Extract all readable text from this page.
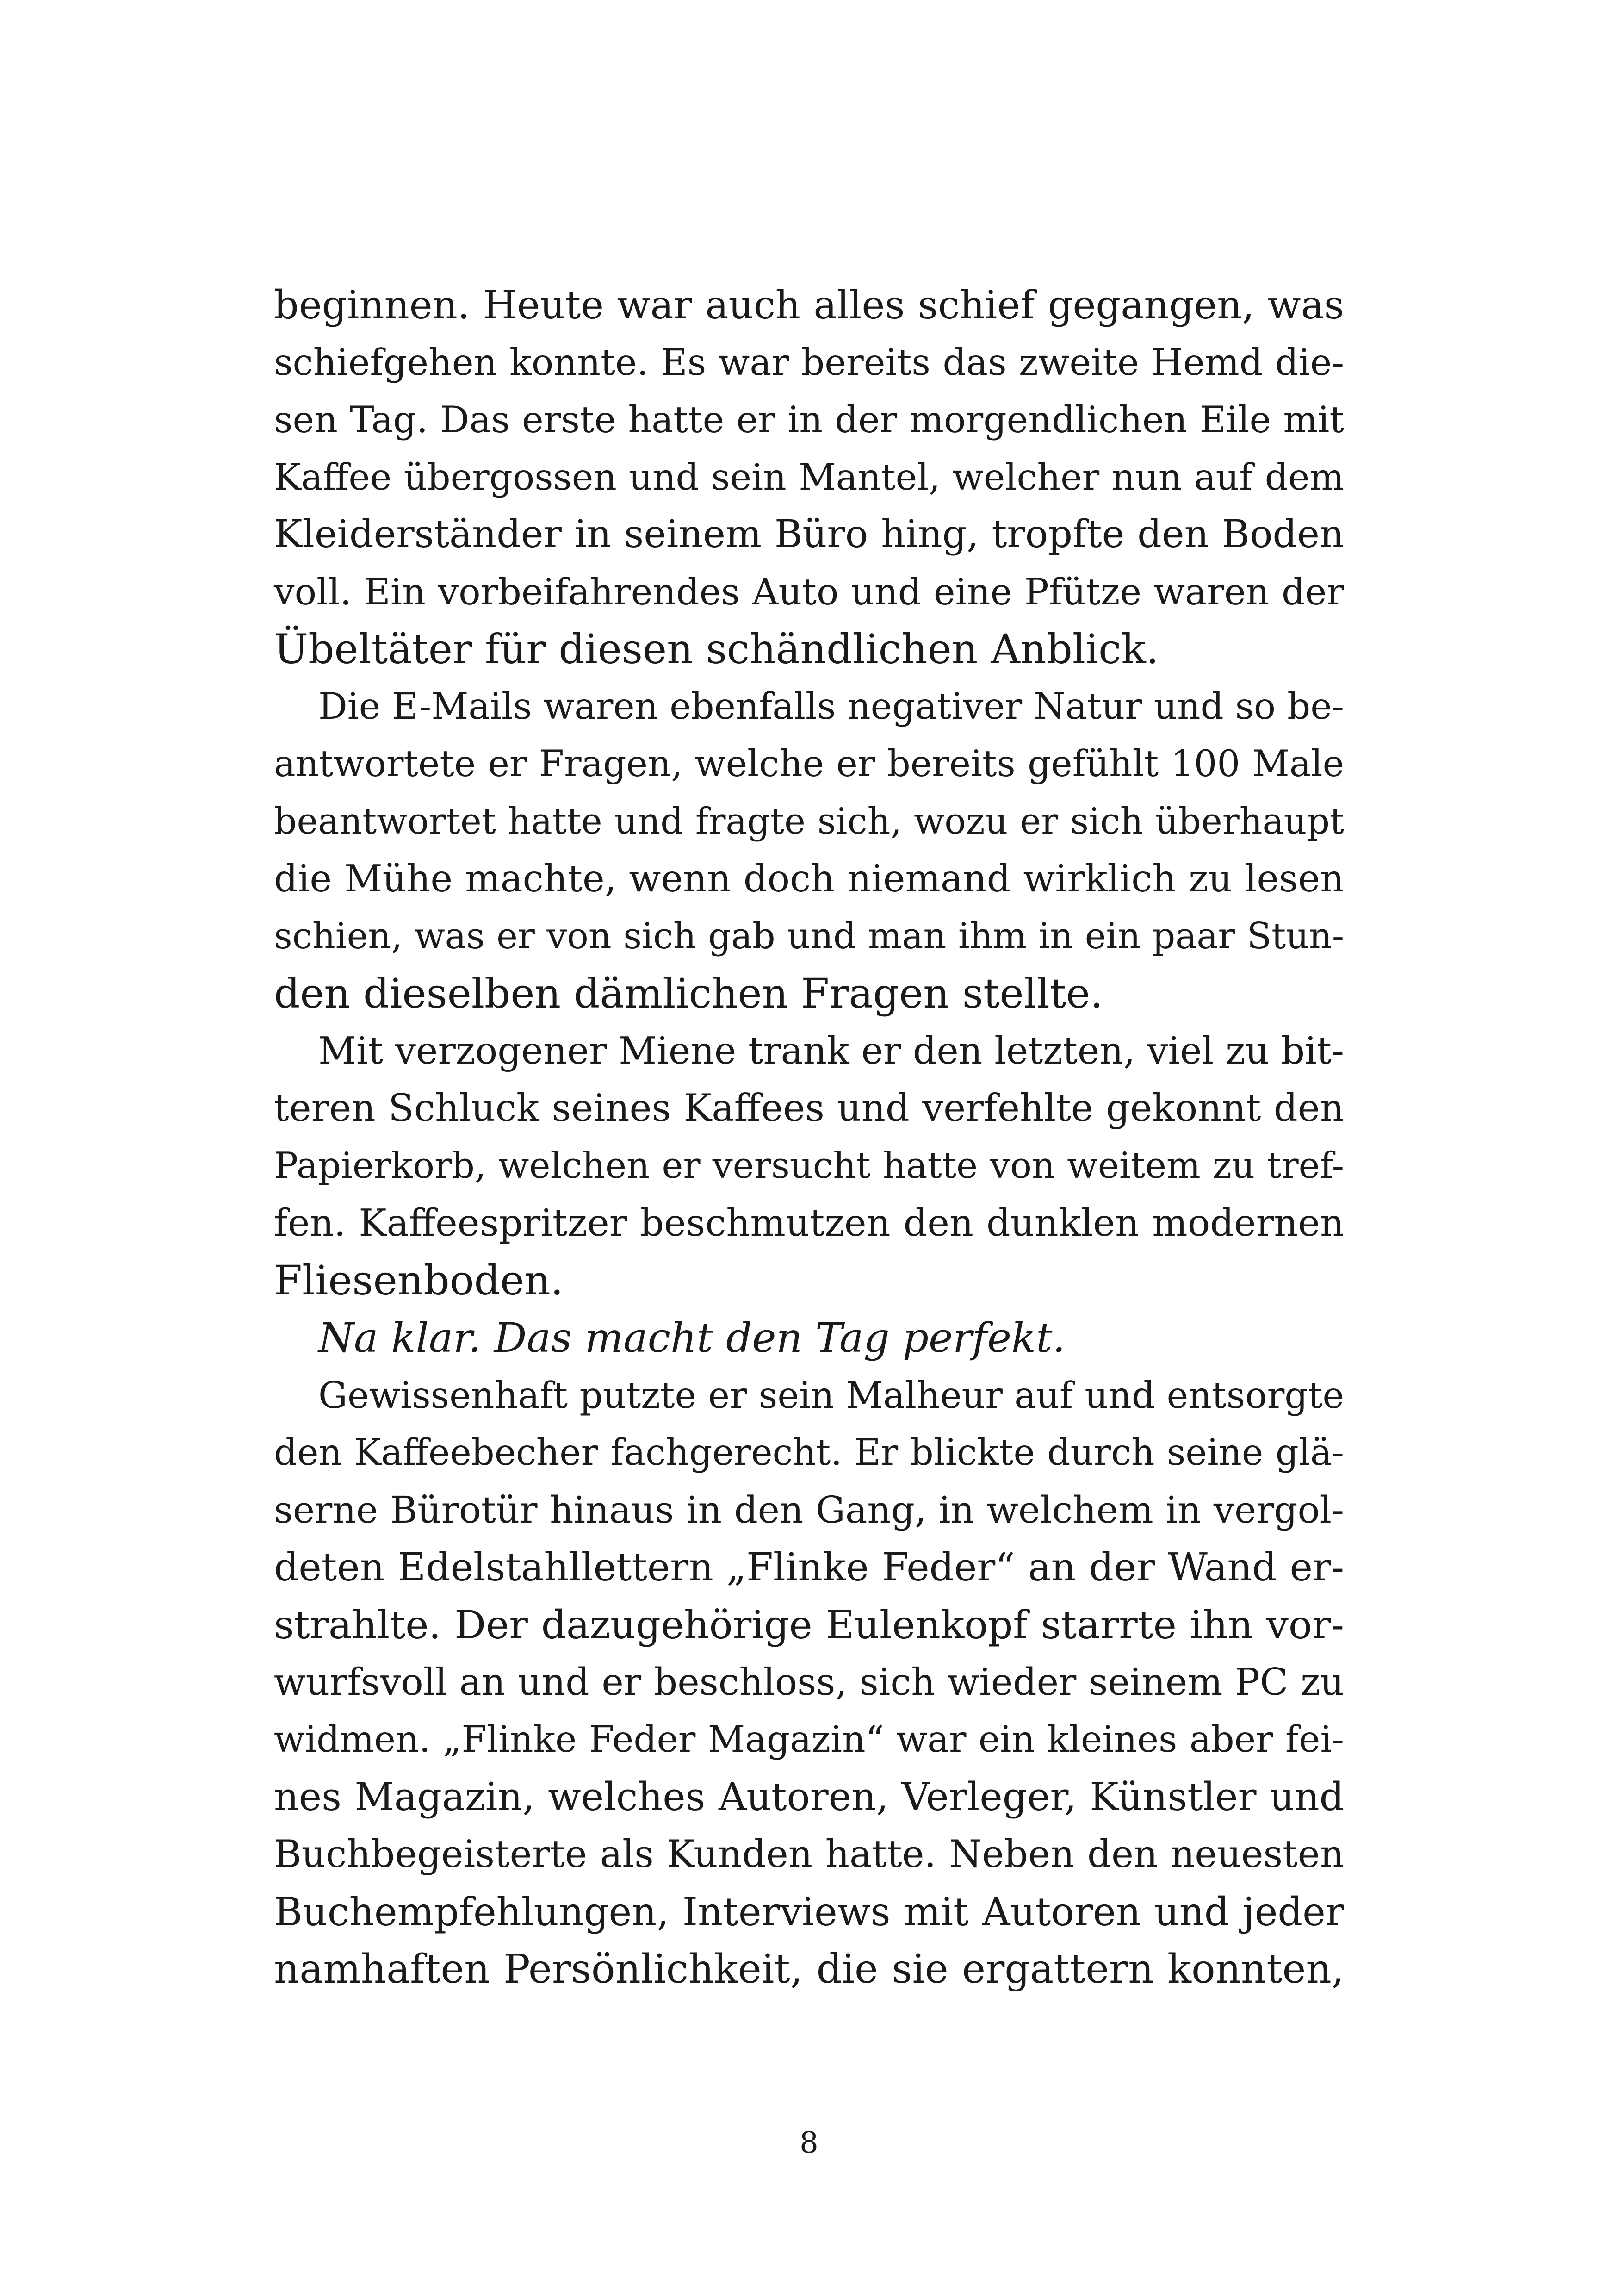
beginnen. Heute war auch alles schief gegangen, was
schiefgehen konnte. Es war bereits das zweite Hemd die-
sen Tag. Das erste hatte er in der morgendlichen Eile mit
Kaffee übergossen und sein Mantel, welcher nun auf dem
Kleiderständer in seinem Büro hing, tropfte den Boden
voll. Ein vorbeifahrendes Auto und eine Pfütze waren der
Übeltäter für diesen schändlichen Anblick.
Die E-Mails waren ebenfalls negativer Natur und so be-
antwortete er Fragen, welche er bereits gefühlt 100 Male
beantwortet hatte und fragte sich, wozu er sich überhaupt
die Mühe machte, wenn doch niemand wirklich zu lesen
schien, was er von sich gab und man ihm in ein paar Stun-
den dieselben dämlichen Fragen stellte.
Mit verzogener Miene trank er den letzten, viel zu bit-
teren Schluck seines Kaffees und verfehlte gekonnt den
Papierkorb, welchen er versucht hatte von weitem zu tref-
fen. Kaffeespritzer beschmutzen den dunklen modernen
Fliesenboden.
Na klar. Das macht den Tag perfekt.
Gewissenhaft putzte er sein Malheur auf und entsorgte
den Kaffeebecher fachgerecht. Er blickte durch seine glä-
serne Bürotür hinaus in den Gang, in welchem in vergol-
deten Edelstahllettern „Flinke Feder“ an der Wand er-
strahlte. Der dazugehörige Eulenkopf starrte ihn vor-
wurfsvoll an und er beschloss, sich wieder seinem PC zu
widmen. „Flinke Feder Magazin“ war ein kleines aber fei-
nes Magazin, welches Autoren, Verleger, Künstler und
Buchbegeisterte als Kunden hatte. Neben den neuesten
Buchempfehlungen, Interviews mit Autoren und jeder
namhaften Persönlichkeit, die sie ergattern konnten,
8
